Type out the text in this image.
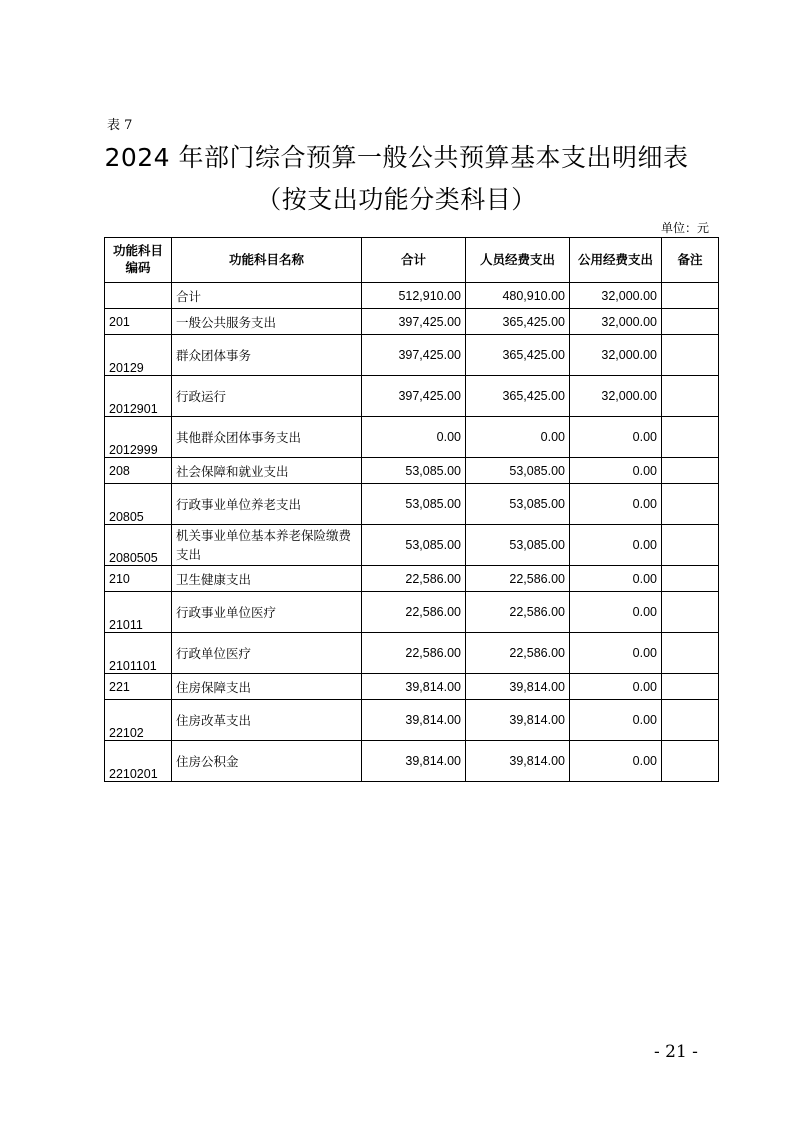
表 7
2024 年部门综合预算一般公共预算基本支出明细表
（按支出功能分类科目）
单位：元
功能科目编码	功能科目名称	合计	人员经费支出	公用经费支出	备注
	合计	512,910.00	480,910.00	32,000.00	
201	一般公共服务支出	397,425.00	365,425.00	32,000.00	
20129	群众团体事务	397,425.00	365,425.00	32,000.00	
2012901	行政运行	397,425.00	365,425.00	32,000.00	
2012999	其他群众团体事务支出	0.00	0.00	0.00	
208	社会保障和就业支出	53,085.00	53,085.00	0.00	
20805	行政事业单位养老支出	53,085.00	53,085.00	0.00	
2080505	机关事业单位基本养老保险缴费支出	53,085.00	53,085.00	0.00	
210	卫生健康支出	22,586.00	22,586.00	0.00	
21011	行政事业单位医疗	22,586.00	22,586.00	0.00	
2101101	行政单位医疗	22,586.00	22,586.00	0.00	
221	住房保障支出	39,814.00	39,814.00	0.00	
22102	住房改革支出	39,814.00	39,814.00	0.00	
2210201	住房公积金	39,814.00	39,814.00	0.00	
- 21 -
